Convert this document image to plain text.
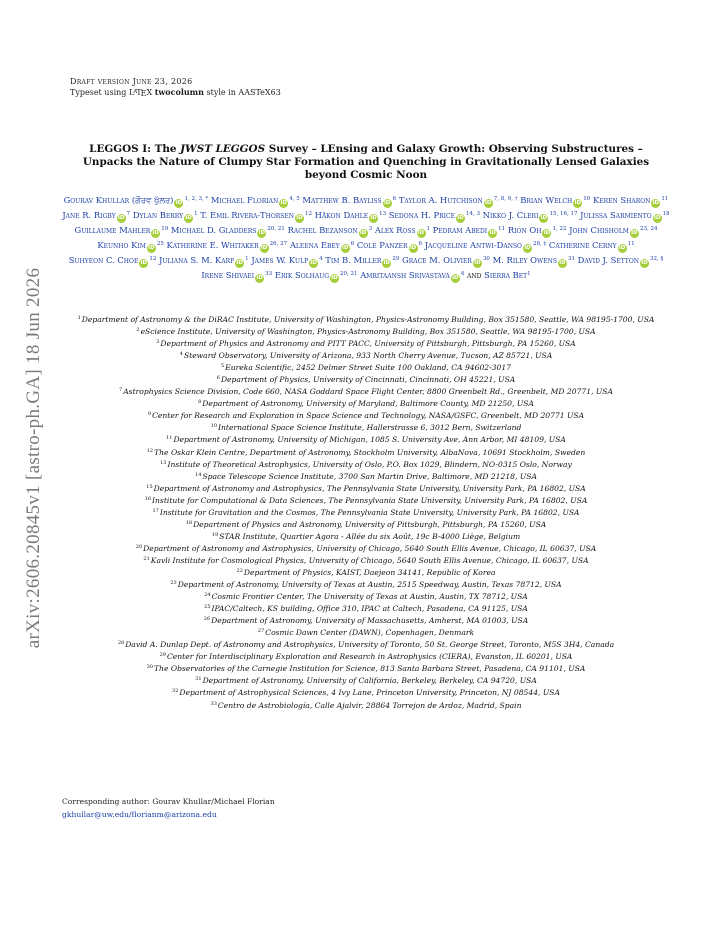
arXiv:2606.20845v1 [astro-ph.GA] 18 Jun 2026
Draft version June 23, 2026
Typeset using $L^ATEX$ twocolumn style in AASTeX63
LEGGOS I: The JWST LEGGOS Survey – LEnsing and Galaxy Growth: Observing Substructures – Unpacks the Nature of Clumpy Star Formation and Quenching in Gravitationally Lensed Galaxies beyond Cosmic Noon
Gourav Khullar (ਗੌਰਵ ਖੁੱਲਰ) iD$^{1, 2, 3, *}$ Michael Florian iD$^{4, 5}$ Matthew B. Bayliss iD$^6$ Taylor A. Hutchison iD$^{7, 8, 9, \dagger}$ Brian Welch iD$^{10}$ Keren Sharon iD$^{11}$ Jane R. Rigby iD$^7$ Dylan Berry iD$^1$ T. Emil Rivera-Thorsen iD$^{12}$ Håkon Dahle iD$^{13}$ Sedona H. Price iD$^{14, 3}$ Nikko J. Cleri iD$^{15, 16, 17}$ Julissa Sarmiento iD$^{18}$ Guillaume Mahler iD$^{19}$ Michael D. Gladders iD$^{20, 21}$ Rachel Bezanson iD$^3$ Alex Ross iD$^1$ Pedram Abedi iD$^{11}$ Rion Oh iD$^{1, 22}$ John Chisholm iD$^{23, 24}$ Keunho Kim iD$^{25}$ Katherine E. Whitaker iD$^{26, 27}$ Aleena Ebey iD$^6$ Cole Panzer iD$^6$ Jacqueline Antwi-Danso iD$^{28, \ddagger}$ Catherine Cerny iD$^{11}$ Suhyeon C. Choe iD$^{12}$ Juliana S. M. Karp iD$^1$ James W. Kulp iD$^4$ Tim B. Miller iD$^{29}$ Grace M. Olivier iD$^{30}$ M. Riley Owens iD$^{31}$ David J. Setton iD$^{32, \S}$ Irene Shivaei iD$^{33}$ Erik Solhaug iD$^{20, 21}$ Amritaansh Srivastava iD$^4$ and Sierra Bet$^1$
$^1$Department of Astronomy & the DiRAC Institute, University of Washington, Physics-Astronomy Building, Box 351580, Seattle, WA 98195-1700, USA
$^2$eScience Institute, University of Washington, Physics-Astronomy Building, Box 351580, Seattle, WA 98195-1700, USA
$^3$Department of Physics and Astronomy and PITT PACC, University of Pittsburgh, Pittsburgh, PA 15260, USA
$^4$Steward Observatory, University of Arizona, 933 North Cherry Avenue, Tucson, AZ 85721, USA
$^5$Eureka Scientific, 2452 Delmer Street Suite 100 Oakland, CA 94602-3017
$^6$Department of Physics, University of Cincinnati, Cincinnati, OH 45221, USA
$^7$Astrophysics Science Division, Code 660, NASA Goddard Space Flight Center, 8800 Greenbelt Rd., Greenbelt, MD 20771, USA
$^8$Department of Astronomy, University of Maryland, Baltimore County, MD 21250, USA
$^9$Center for Research and Exploration in Space Science and Technology, NASA/GSFC, Greenbelt, MD 20771 USA
$^{10}$International Space Science Institute, Hallerstrasse 6, 3012 Bern, Switzerland
$^{11}$Department of Astronomy, University of Michigan, 1085 S. University Ave, Ann Arbor, MI 48109, USA
$^{12}$The Oskar Klein Centre, Department of Astronomy, Stockholm University, AlbaNova, 10691 Stockholm, Sweden
$^{13}$Institute of Theoretical Astrophysics, University of Oslo, P.O. Box 1029, Blindern, NO-0315 Oslo, Norway
$^{14}$Space Telescope Science Institute, 3700 San Martin Drive, Baltimore, MD 21218, USA
$^{15}$Department of Astronomy and Astrophysics, The Pennsylvania State University, University Park, PA 16802, USA
$^{16}$Institute for Computational & Data Sciences, The Pennsylvania State University, University Park, PA 16802, USA
$^{17}$Institute for Gravitation and the Cosmos, The Pennsylvania State University, University Park, PA 16802, USA
$^{18}$Department of Physics and Astronomy, University of Pittsburgh, Pittsburgh, PA 15260, USA
$^{19}$STAR Institute, Quartier Agora - Allée du six Août, 19c B-4000 Liège, Belgium
$^{20}$Department of Astronomy and Astrophysics, University of Chicago, 5640 South Ellis Avenue, Chicago, IL 60637, USA
$^{21}$Kavli Institute for Cosmological Physics, University of Chicago, 5640 South Ellis Avenue, Chicago, IL 60637, USA
$^{22}$Department of Physics, KAIST, Daejeon 34141, Republic of Korea
$^{23}$Department of Astronomy, University of Texas at Austin, 2515 Speedway, Austin, Texas 78712, USA
$^{24}$Cosmic Frontier Center, The University of Texas at Austin, Austin, TX 78712, USA
$^{25}$IPAC/Caltech, KS building, Office 310, IPAC at Caltech, Pasadena, CA 91125, USA
$^{26}$Department of Astronomy, University of Massachusetts, Amherst, MA 01003, USA
$^{27}$Cosmic Dawn Center (DAWN), Copenhagen, Denmark
$^{28}$David A. Dunlap Dept. of Astronomy and Astrophysics, University of Toronto, 50 St. George Street, Toronto, M5S 3H4, Canada
$^{29}$Center for Interdisciplinary Exploration and Research in Astrophysics (CIERA), Evanston, IL 60201, USA
$^{30}$The Observatories of the Carnegie Institution for Science, 813 Santa Barbara Street, Pasadena, CA 91101, USA
$^{31}$Department of Astronomy, University of California, Berkeley, Berkeley, CA 94720, USA
$^{32}$Department of Astrophysical Sciences, 4 Ivy Lane, Princeton University, Princeton, NJ 08544, USA
$^{33}$Centro de Astrobiología, Calle Ajalvir, 28864 Torrejon de Ardoz, Madrid, Spain
Corresponding author: Gourav Khullar/Michael Florian
gkhullar@uw.edu/florianm@arizona.edu
